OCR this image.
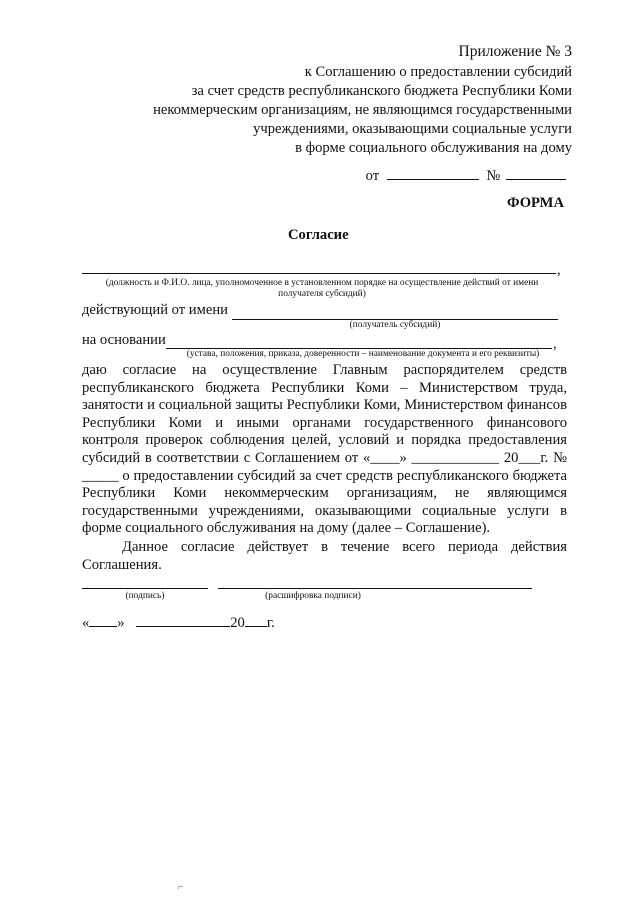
Приложение № 3
к Соглашению о предоставлении субсидий
за счет средств республиканского бюджета Республики Коми
некоммерческим организациям, не являющимся государственными
учреждениями, оказывающими социальные услуги
в форме социального обслуживания на дому
от	№
ФОРМА
Согласие
,
(должность и Ф.И.О. лица, уполномоченное в установленном порядке на осуществление действий от имени
получателя субсидий)
действующий от имени
(получатель субсидий)
на основании	,
(устава, положения, приказа, доверенности – наименование документа и его реквизиты)

даю согласие на осуществление Главным распорядителем средств республиканского бюджета Республики Коми – Министерством труда, занятости и социальной защиты Республики Коми, Министерством финансов Республики Коми и иными органами государственного финансового контроля проверок соблюдения целей, условий и порядка предоставления субсидий в соответствии с Соглашением от «____» ____________ 20___г. № _____ о предоставлении субсидий за счет средств республиканского бюджета Республики Коми некоммерческим организациям, не являющимся государственными учреждениями, оказывающими социальные услуги в форме социального обслуживания на дому (далее – Соглашение).

Данное согласие действует в течение всего периода действия Соглашения.

(подпись)	(расшифровка подписи)
« »	20 г.
⌐
